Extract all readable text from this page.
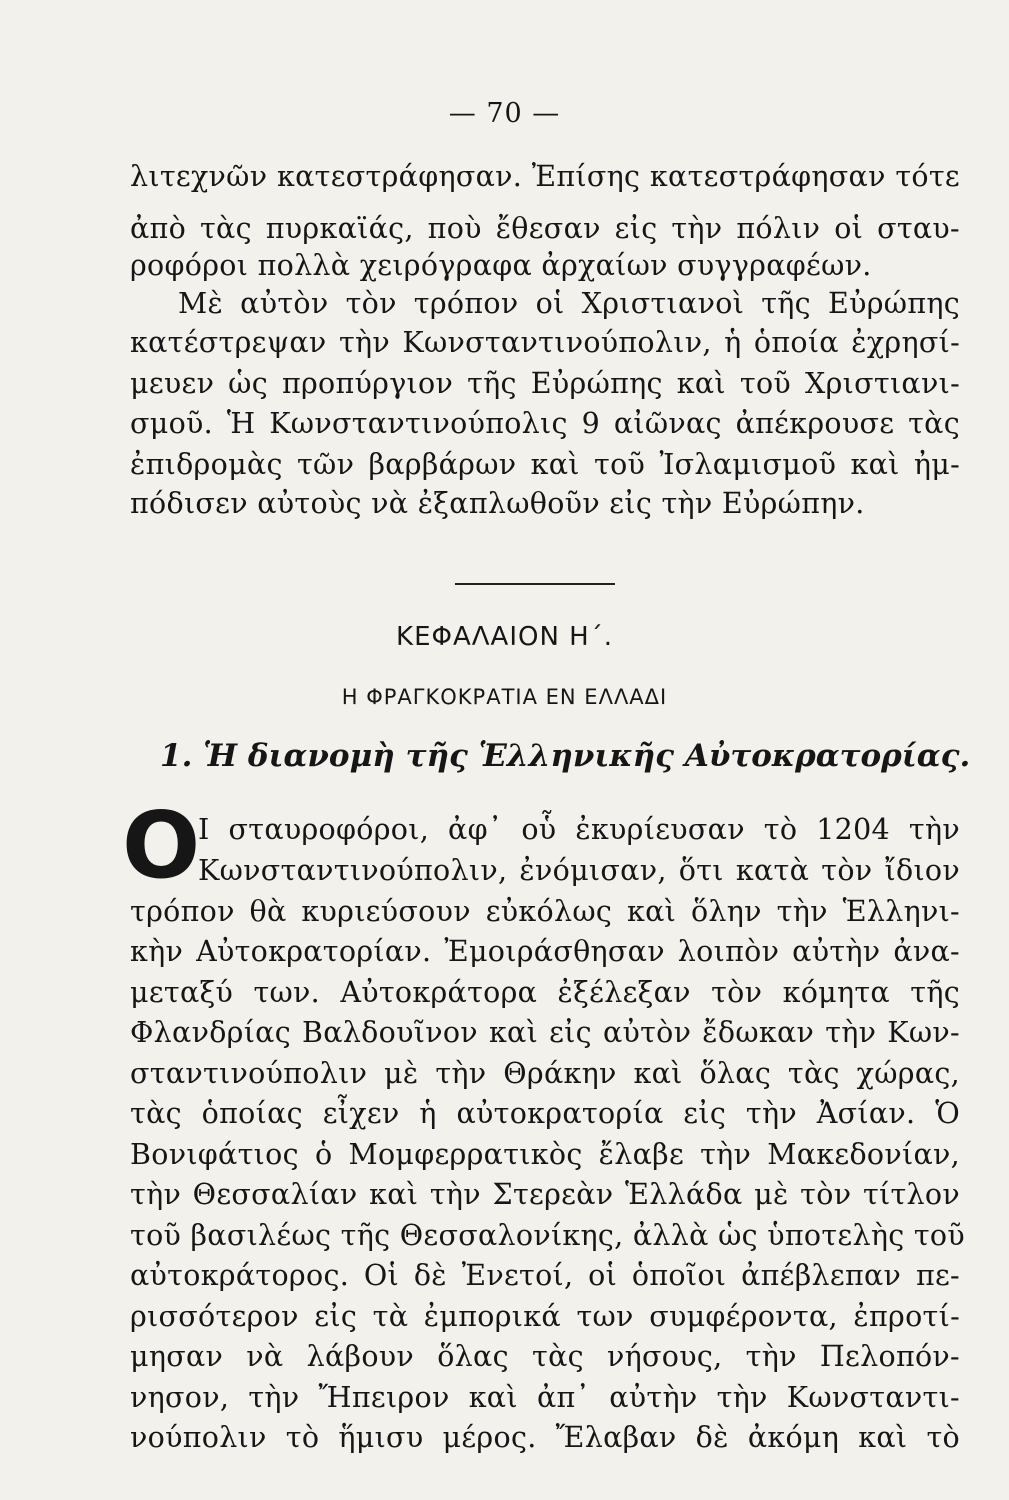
— 70 —
λιτεχνῶν κατεστράφησαν. Ἐπίσης κατεστράφησαν τότε
ἀπὸ τὰς πυρκαϊάς, ποὺ ἔθεσαν εἰς τὴν πόλιν οἱ σταυ-
ροφόροι πολλὰ χειρόγραφα ἀρχαίων συγγραφέων.
Μὲ αὐτὸν τὸν τρόπον οἱ Χριστιανοὶ τῆς Εὐρώπης
κατέστρεψαν τὴν Κωνσταντινούπολιν, ἡ ὁποία ἐχρησί-
μευεν ὡς προπύργιον τῆς Εὐρώπης καὶ τοῦ Χριστιανι-
σμοῦ. Ἡ Κωνσταντινούπολις 9 αἰῶνας ἀπέκρουσε τὰς
ἐπιδρομὰς τῶν βαρβάρων καὶ τοῦ Ἰσλαμισμοῦ καὶ ἠμ-
πόδισεν αὐτοὺς νὰ ἐξαπλωθοῦν εἰς τὴν Εὐρώπην.
ΚΕΦΑΛΑΙΟΝ Η΄.
Η ΦΡΑΓΚΟΚΡΑΤΙΑ ΕΝ ΕΛΛΑΔΙ
1. Ἡ διανομὴ τῆς Ἑλληνικῆς Αὐτοκρατορίας.
O
Ι σταυροφόροι, ἀφ᾽ οὗ ἐκυρίευσαν τὸ 1204 τὴν
Κωνσταντινούπολιν, ἐνόμισαν, ὅτι κατὰ τὸν ἴδιον
τρόπον θὰ κυριεύσουν εὐκόλως καὶ ὅλην τὴν Ἑλληνι-
κὴν Αὐτοκρατορίαν. Ἐμοιράσθησαν λοιπὸν αὐτὴν ἀνα-
μεταξύ των. Αὐτοκράτορα ἐξέλεξαν τὸν κόμητα τῆς
Φλανδρίας Βαλδουῖνον καὶ εἰς αὐτὸν ἔδωκαν τὴν Κων-
σταντινούπολιν μὲ τὴν Θράκην καὶ ὅλας τὰς χώρας,
τὰς ὁποίας εἶχεν ἡ αὐτοκρατορία εἰς τὴν Ἀσίαν. Ὁ
Βονιφάτιος ὁ Μομφερρατικὸς ἔλαβε τὴν Μακεδονίαν,
τὴν Θεσσαλίαν καὶ τὴν Στερεὰν Ἑλλάδα μὲ τὸν τίτλον
τοῦ βασιλέως τῆς Θεσσαλονίκης, ἀλλὰ ὡς ὑποτελὴς τοῦ
αὐτοκράτορος. Οἱ δὲ Ἐνετοί, οἱ ὁποῖοι ἀπέβλεπαν πε-
ρισσότερον εἰς τὰ ἐμπορικά των συμφέροντα, ἐπροτί-
μησαν νὰ λάβουν ὅλας τὰς νήσους, τὴν Πελοπόν-
νησον, τὴν Ἤπειρον καὶ ἀπ᾽ αὐτὴν τὴν Κωνσταντι-
νούπολιν τὸ ἥμισυ μέρος. Ἔλαβαν δὲ ἀκόμη καὶ τὸ
